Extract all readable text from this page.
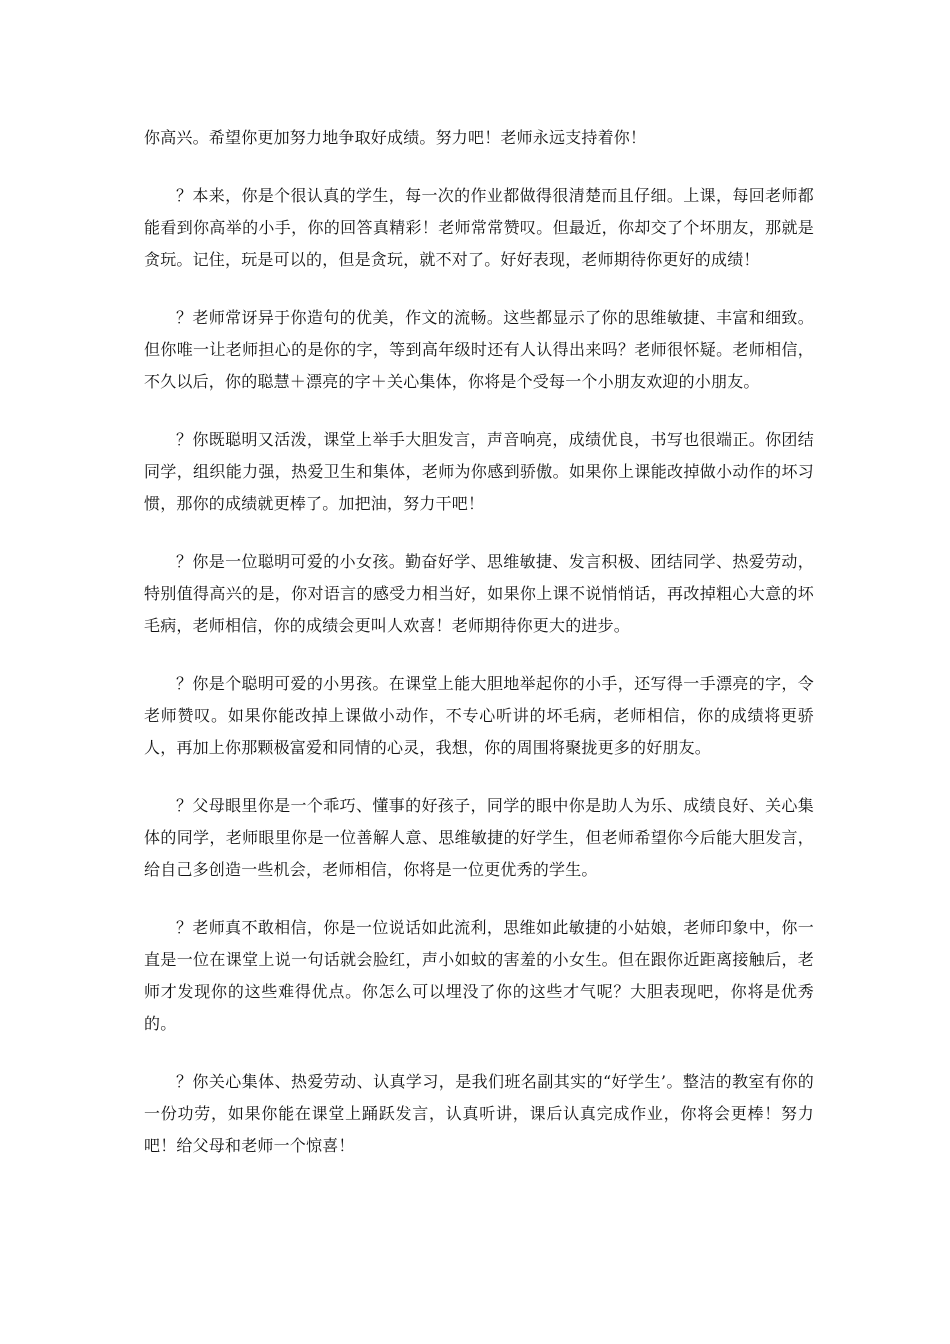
你高兴。希望你更加努力地争取好成绩。努力吧！老师永远支持着你！

？本来，你是个很认真的学生，每一次的作业都做得很清楚而且仔细。上课，每回老师都能看到你高举的小手，你的回答真精彩！老师常常赞叹。但最近，你却交了个坏朋友，那就是贪玩。记住，玩是可以的，但是贪玩，就不对了。好好表现，老师期待你更好的成绩！

？老师常讶异于你造句的优美，作文的流畅。这些都显示了你的思维敏捷、丰富和细致。但你唯一让老师担心的是你的字，等到高年级时还有人认得出来吗？老师很怀疑。老师相信，不久以后，你的聪慧＋漂亮的字＋关心集体，你将是个受每一个小朋友欢迎的小朋友。

？你既聪明又活泼，课堂上举手大胆发言，声音响亮，成绩优良，书写也很端正。你团结同学，组织能力强，热爱卫生和集体，老师为你感到骄傲。如果你上课能改掉做小动作的坏习惯，那你的成绩就更棒了。加把油，努力干吧！

？你是一位聪明可爱的小女孩。勤奋好学、思维敏捷、发言积极、团结同学、热爱劳动，特别值得高兴的是，你对语言的感受力相当好，如果你上课不说悄悄话，再改掉粗心大意的坏毛病，老师相信，你的成绩会更叫人欢喜！老师期待你更大的进步。

？你是个聪明可爱的小男孩。在课堂上能大胆地举起你的小手，还写得一手漂亮的字，令老师赞叹。如果你能改掉上课做小动作，不专心听讲的坏毛病，老师相信，你的成绩将更骄人，再加上你那颗极富爱和同情的心灵，我想，你的周围将聚拢更多的好朋友。

？父母眼里你是一个乖巧、懂事的好孩子，同学的眼中你是助人为乐、成绩良好、关心集体的同学，老师眼里你是一位善解人意、思维敏捷的好学生，但老师希望你今后能大胆发言，给自己多创造一些机会，老师相信，你将是一位更优秀的学生。

？老师真不敢相信，你是一位说话如此流利，思维如此敏捷的小姑娘，老师印象中，你一直是一位在课堂上说一句话就会脸红，声小如蚊的害羞的小女生。但在跟你近距离接触后，老师才发现你的这些难得优点。你怎么可以埋没了你的这些才气呢？大胆表现吧，你将是优秀的。

？你关心集体、热爱劳动、认真学习，是我们班名副其实的“好学生’。整洁的教室有你的一份功劳，如果你能在课堂上踊跃发言，认真听讲，课后认真完成作业，你将会更棒！努力吧！给父母和老师一个惊喜！
